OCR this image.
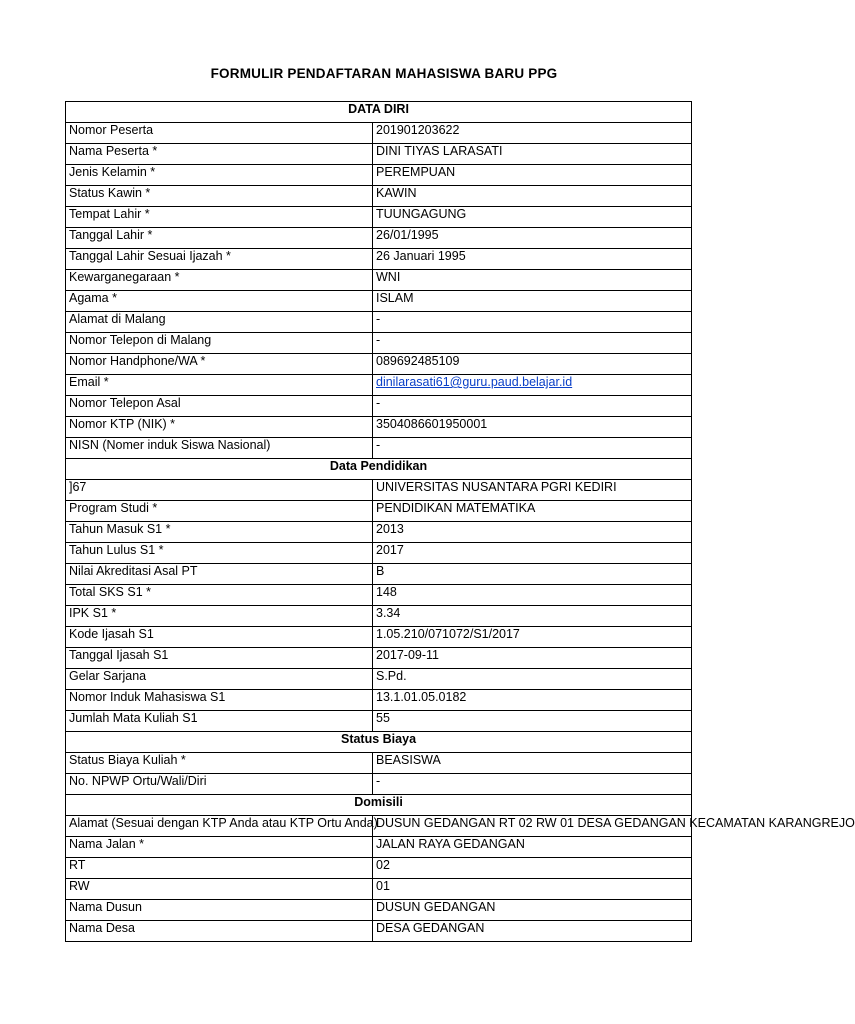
FORMULIR PENDAFTARAN MAHASISWA BARU PPG
DATA DIRI	
Nomor Peserta	201901203622
Nama Peserta *	DINI TIYAS LARASATI
Jenis Kelamin *	PEREMPUAN
Status Kawin *	KAWIN
Tempat Lahir *	TUUNGAGUNG
Tanggal Lahir *	26/01/1995
Tanggal Lahir Sesuai Ijazah *	26 Januari 1995
Kewarganegaraan *	WNI
Agama *	ISLAM
Alamat di Malang	-
Nomor Telepon di Malang	-
Nomor Handphone/WA *	089692485109
Email *	dinilarasati61@guru.paud.belajar.id
Nomor Telepon Asal	-
Nomor KTP (NIK) *	3504086601950001
NISN (Nomer induk Siswa Nasional)	-
Data Pendidikan	
]67	UNIVERSITAS NUSANTARA PGRI KEDIRI
Program Studi *	PENDIDIKAN MATEMATIKA
Tahun Masuk S1 *	2013
Tahun Lulus S1 *	2017
Nilai Akreditasi Asal PT	B
Total SKS S1 *	148
IPK S1 *	3.34
Kode Ijasah S1	1.05.210/071072/S1/2017
Tanggal Ijasah S1	2017-09-11
Gelar Sarjana	S.Pd.
Nomor Induk Mahasiswa S1	13.1.01.05.0182
Jumlah Mata Kuliah S1	55
Status Biaya	
Status Biaya Kuliah *	BEASISWA
No. NPWP Ortu/Wali/Diri	-
Domisili	
Alamat (Sesuai dengan KTP Anda atau KTP Ortu Anda)	DUSUN GEDANGAN RT 02 RW 01 DESA GEDANGAN KECAMATAN KARANGREJO
Nama Jalan *	JALAN RAYA GEDANGAN
RT	02
RW	01
Nama Dusun	DUSUN GEDANGAN
Nama Desa	DESA GEDANGAN
